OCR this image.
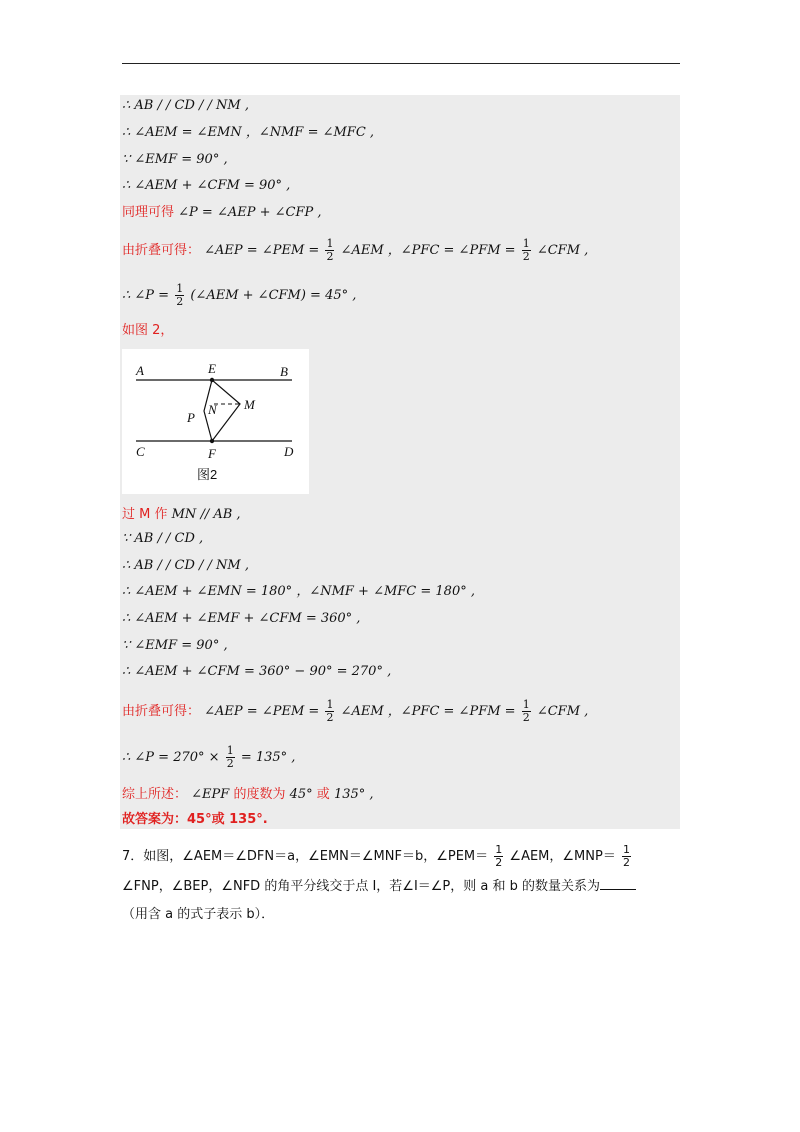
∴ AB / / CD / / NM ,
∴ ∠AEM = ∠EMN ，∠NMF = ∠MFC ,
∵ ∠EMF = 90° ,
∴ ∠AEM + ∠CFM = 90° ,
同理可得 ∠P = ∠AEP + ∠CFP ,
由折叠可得： ∠AEP = ∠PEM = $\frac{1}{2}$ ∠AEM ，∠PFC = ∠PFM = $\frac{1}{2}$ ∠CFM ,
∴ ∠P = $\frac{1}{2}$ (∠AEM + ∠CFM) = 45° ,
如图 2，
A	B
E
C	D
F
N M
P
图2
过 M 作 MN // AB ,
∵ AB / / CD ,
∴ AB / / CD / / NM ,
∴ ∠AEM + ∠EMN = 180° ，∠NMF + ∠MFC = 180° ,
∴ ∠AEM + ∠EMF + ∠CFM = 360° ,
∵ ∠EMF = 90° ,
∴ ∠AEM + ∠CFM = 360° − 90° = 270° ,
由折叠可得： ∠AEP = ∠PEM = $\frac{1}{2}$ ∠AEM ，∠PFC = ∠PFM = $\frac{1}{2}$ ∠CFM ,
∴ ∠P = $270^\circ \times \frac{1}{2} = 135^\circ$ ,
综上所述： ∠EPF 的度数为 45° 或 135° ,
故答案为：45°或 135°.
7．如图，∠AEM＝∠DFN＝a，∠EMN＝∠MNF＝b，∠PEM＝ $\frac{1}{2}$ ∠AEM，∠MNP＝ $\frac{1}{2}$
∠FNP，∠BEP，∠NFD 的角平分线交于点 I，若∠I＝∠P，则 a 和 b 的数量关系为
（用含 a 的式子表示 b）．
